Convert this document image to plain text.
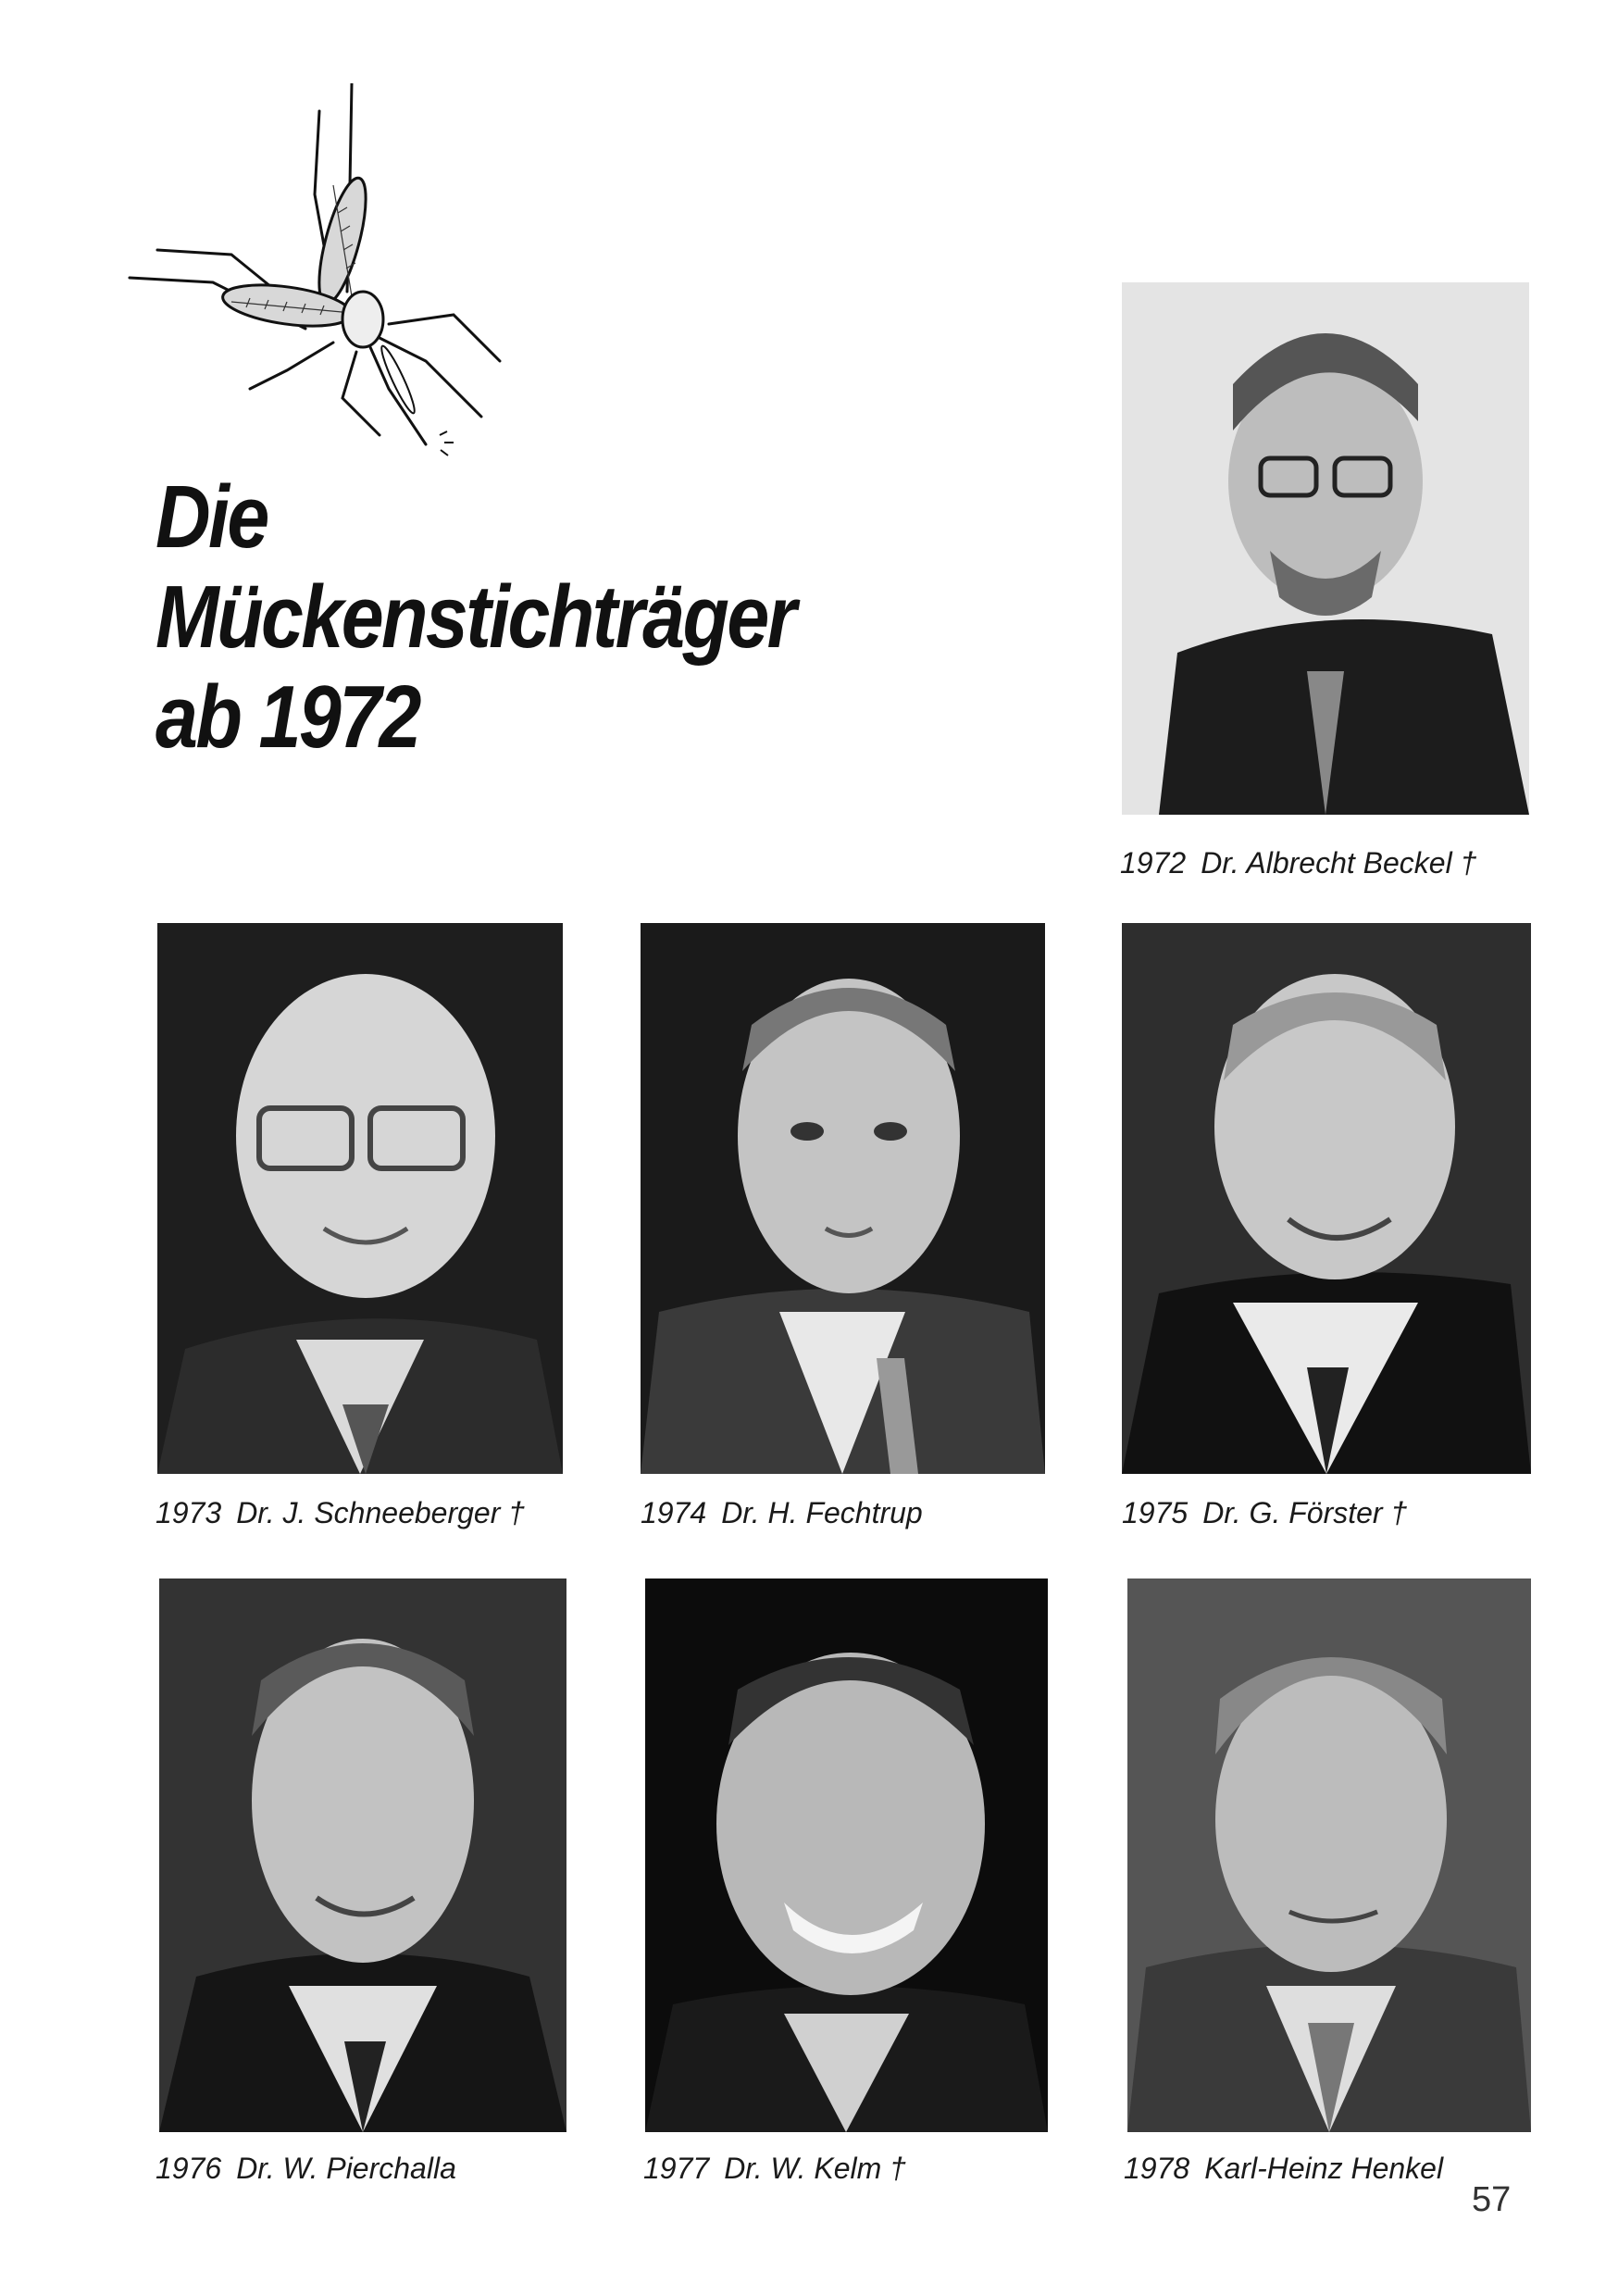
Die
Mückenstichträger
ab 1972
1972 Dr. Albrecht Beckel †
1973 Dr. J. Schneeberger †	1974 Dr. H. Fechtrup	1975 Dr. G. Förster †
1976 Dr. W. Pierchalla	1977 Dr. W. Kelm †	1978 Karl-Heinz Henkel
57
